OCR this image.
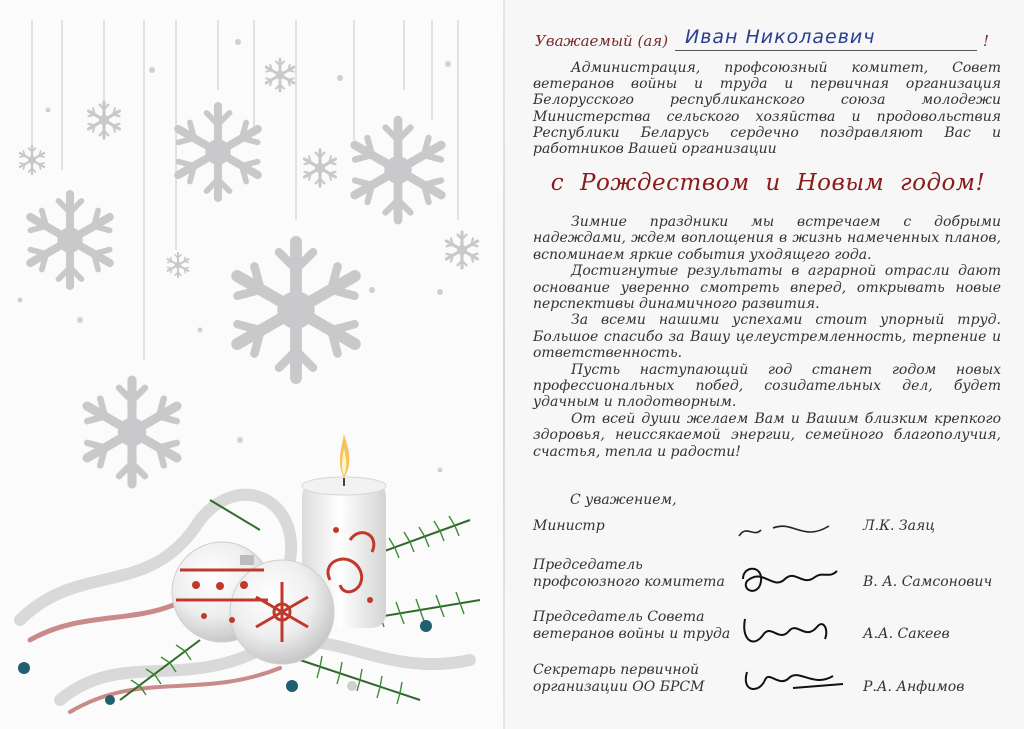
Уважаемый (ая) Иван Николаевич	!
Администрация, профсоюзный комитет, Совет ветеранов войны и труда и первичная организация Белорусского республиканского союза молодежи Министерства сельского хозяйства и продовольствия Республики Беларусь сердечно поздравляют Вас и работников Вашей организации
с Рождеством и Новым годом!

Зимние праздники мы встречаем с добрыми надеждами, ждем воплощения в жизнь намеченных планов, вспоминаем яркие события уходящего года.

Достигнутые результаты в аграрной отрасли дают основание уверенно смотреть вперед, открывать новые перспективы динамичного развития.

За всеми нашими успехами стоит упорный труд. Большое спасибо за Вашу целеустремленность, терпение и ответственность.

Пусть наступающий год станет годом новых профессиональных побед, созидательных дел, будет удачным и плодотворным.

От всей души желаем Вам и Вашим близким крепкого здоровья, неиссякаемой энергии, семейного благополучия, счастья, тепла и радости!

С уважением,
Министр	Л.К. Заяц
Председатель
профсоюзного комитета	В. А. Самсонович
Председатель Совета
ветеранов войны и труда	А.А. Сакеев
Секретарь первичной
организации ОО БРСМ	Р.А. Анфимов
